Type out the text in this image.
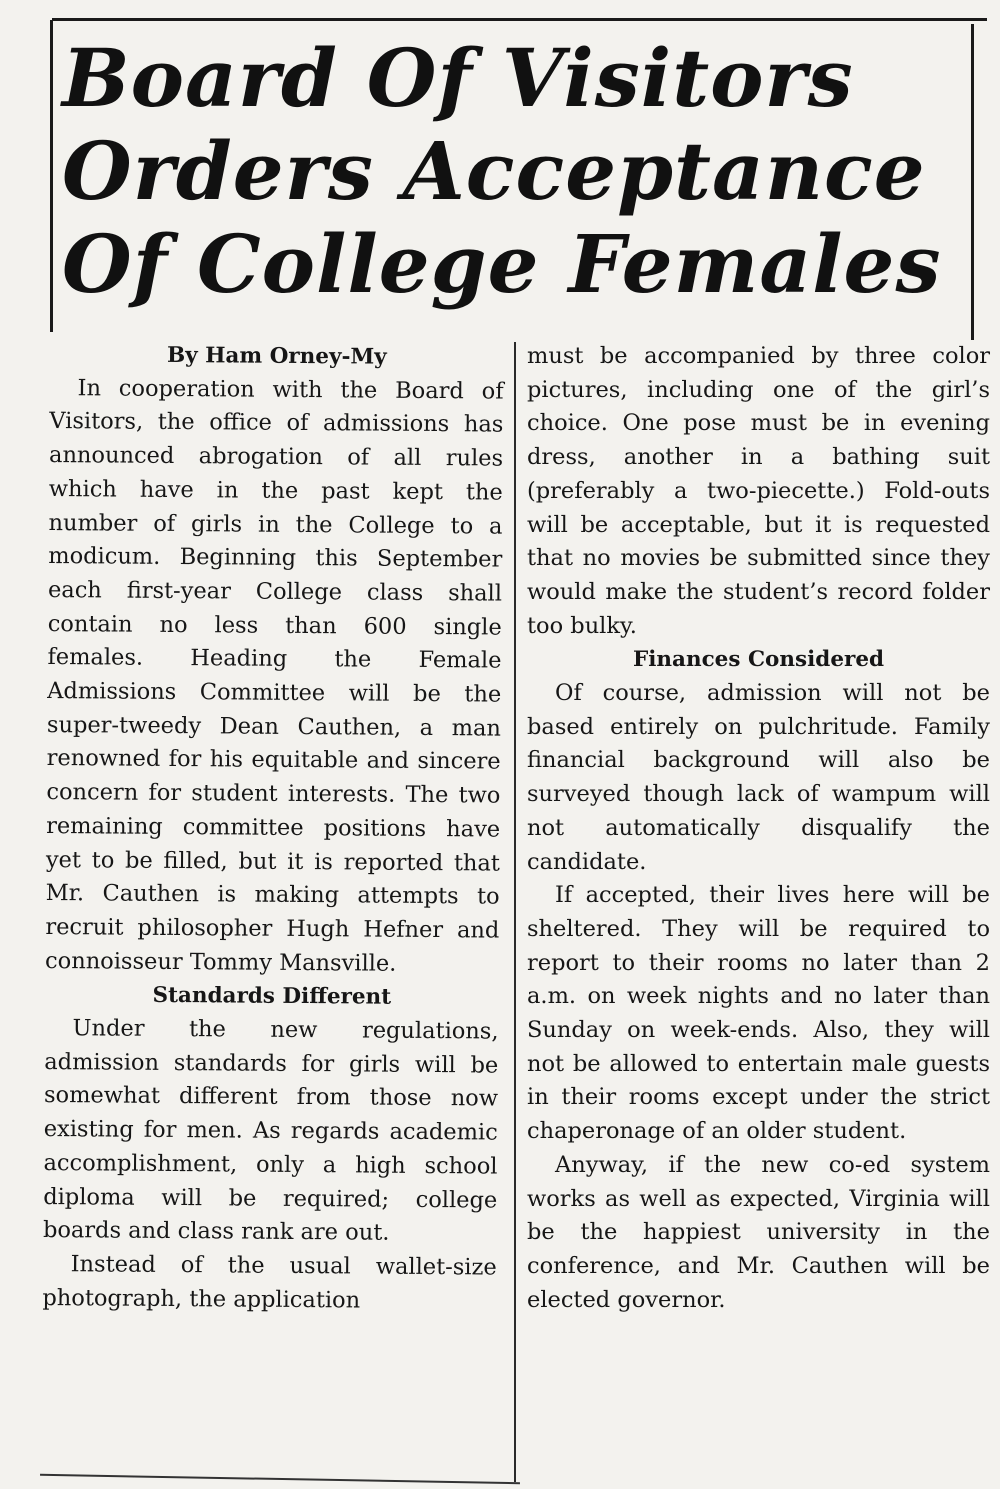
Board Of Visitors
Orders Acceptance
Of College Females

By Ham Orney-My

In cooperation with the Board of Visitors, the office of admissions has announced abrogation of all rules which have in the past kept the number of girls in the College to a modicum. Beginning this September each first-year College class shall contain no less than 600 single females. Heading the Female Admissions Committee will be the super-tweedy Dean Cauthen, a man renowned for his equitable and sincere concern for student interests. The two remaining committee positions have yet to be filled, but it is reported that Mr. Cauthen is making attempts to recruit philosopher Hugh Hefner and connoisseur Tommy Mansville.

Standards Different

Under the new regulations, admission standards for girls will be somewhat different from those now existing for men. As regards academic accomplishment, only a high school diploma will be required; college boards and class rank are out.

Instead of the usual wallet-size photograph, the application

must be accompanied by three color pictures, including one of the girl’s choice. One pose must be in evening dress, another in a bathing suit (preferably a two-piecette.) Fold-outs will be acceptable, but it is requested that no movies be submitted since they would make the student’s record folder too bulky.

Finances Considered

Of course, admission will not be based entirely on pulchritude. Family financial background will also be surveyed though lack of wampum will not automatically disqualify the candidate.

If accepted, their lives here will be sheltered. They will be required to report to their rooms no later than 2 a.m. on week nights and no later than Sunday on week-ends. Also, they will not be allowed to entertain male guests in their rooms except under the strict chaperonage of an older student.

Anyway, if the new co-ed system works as well as expected, Virginia will be the happiest university in the conference, and Mr. Cauthen will be elected governor.
